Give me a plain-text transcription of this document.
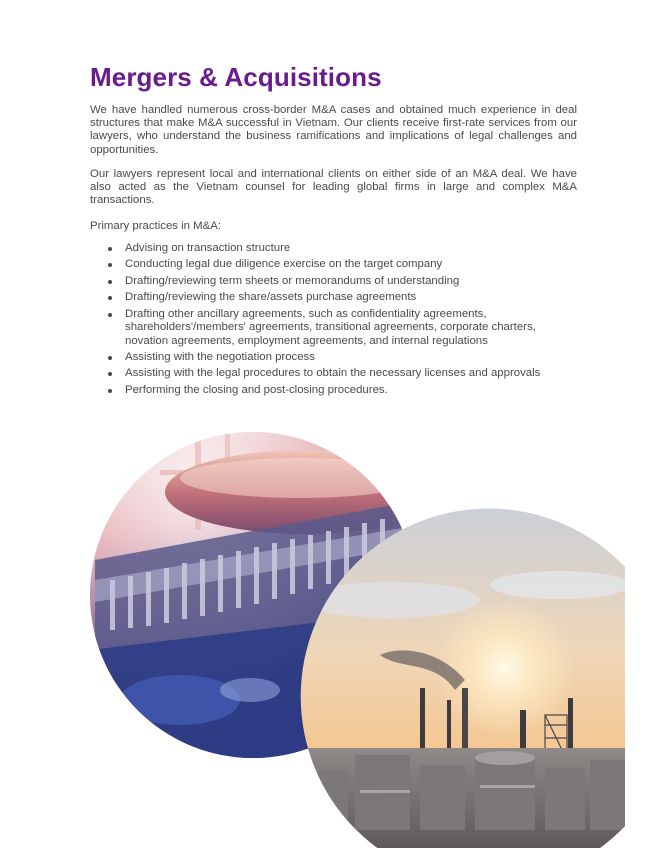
Mergers & Acquisitions

We have handled numerous cross-border M&A cases and obtained much experience in deal structures that make M&A successful in Vietnam. Our clients receive first-rate services from our lawyers, who understand the business ramifications and implications of legal challenges and opportunities.

Our lawyers represent local and international clients on either side of an M&A deal. We have also acted as the Vietnam counsel for leading global firms in large and complex M&A transactions.

Primary practices in M&A:

Advising on transaction structure
Conducting legal due diligence exercise on the target company
Drafting/reviewing term sheets or memorandums of understanding
Drafting/reviewing the share/assets purchase agreements
Drafting other ancillary agreements, such as confidentiality agreements, shareholders'/members' agreements, transitional agreements, corporate charters, novation agreements, employment agreements, and internal regulations
Assisting with the negotiation process
Assisting with the legal procedures to obtain the necessary licenses and approvals
Performing the closing and post-closing procedures.
